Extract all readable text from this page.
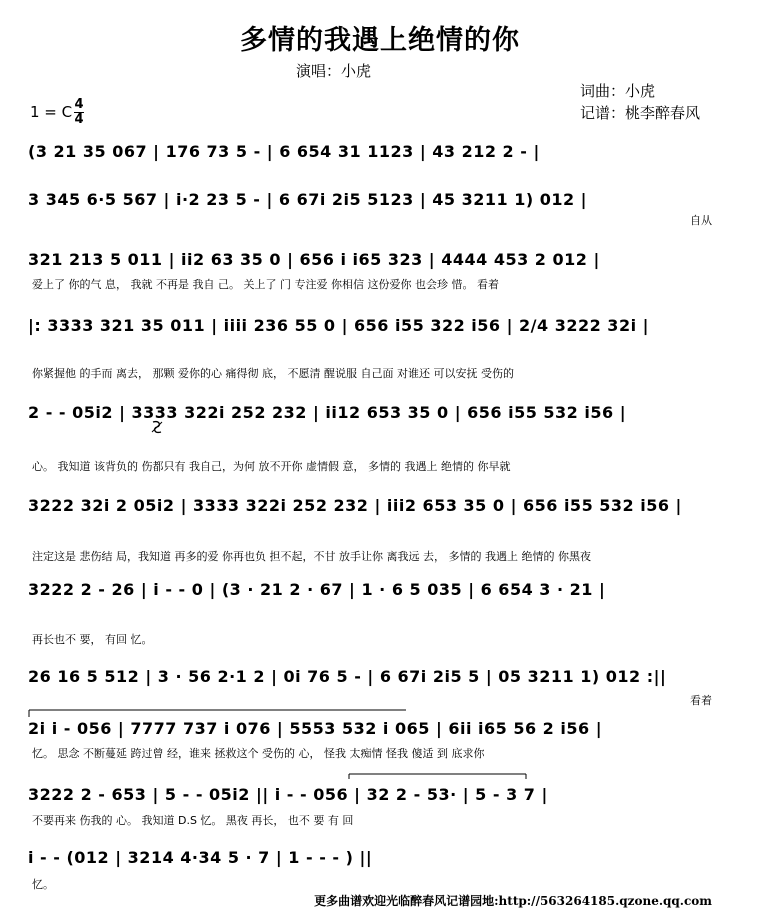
多情的我遇上绝情的你
演唱：小虎
词曲：小虎
记谱：桃李醉春风
1 = C 4
4
(3 21 35 067 | 176 73 5 - | 6 654 31 1123 | 43 212 2 - |
3 345 6·5 567 | i·2 23 5 - | 6 67i 2i5 5123 | 45 3211 1) 012 |
自从
321 213 5 011 | ii2 63 35 0 | 656 i i65 323 | 4444 453 2 012 |
爱上了 你的气 息， 我就 不再是 我自 己。 关上了 门 专注爱 你相信 这份爱你 也会珍 惜。 看着
|: 3333 321 35 011 | iiii 236 55 0 | 656 i55 322 i56 | 2/4 3222 32i |
你紧握他 的手而 离去， 那颗 爱你的心 痛得彻 底， 不愿清 醒说服 自己面 对谁还 可以安抚 受伤的
2 - - 05i2 | 3333 322i 252 232 | ii12 653 35 0 | 656 i55 532 i56 |
心。 我知道 该背负的 伤都只有 我自己，为何 放不开你 虚情假 意， 多情的 我遇上 绝情的 你早就
3222 32i 2 05i2 | 3333 322i 252 232 | iii2 653 35 0 | 656 i55 532 i56 |
注定这是 悲伤结 局，我知道 再多的爱 你再也负 担不起，不甘 放手让你 离我远 去， 多情的 我遇上 绝情的 你黑夜
3222 2 - 26 | i - - 0 | (3 · 21 2 · 67 | 1 · 6 5 035 | 6 654 3 · 21 |
再长也不 要， 有回 忆。
26 16 5 512 | 3 · 56 2·1 2 | 0i 76 5 - | 6 67i 2i5 5 | 05 3211 1) 012 :||
看着
2i i - 056 | 7777 737 i 076 | 5553 532 i 065 | 6ii i65 56 2 i56 |
忆。 思念 不断蔓延 跨过曾 经，谁来 拯救这个 受伤的 心， 怪我 太痴情 怪我 傻适 到 底求你
3222 2 - 653 | 5 - - 05i2 || i - - 056 | 32 2 - 53· | 5 - 3 7 |
不要再来 伤我的 心。 我知道 D.S 忆。 黑夜 再长， 也不 要 有 回
i - - (012 | 3214 4·34 5 · 7 | 1 - - - ) ||
忆。
更多曲谱欢迎光临醉春风记谱园地:http://563264185.qzone.qq.com
